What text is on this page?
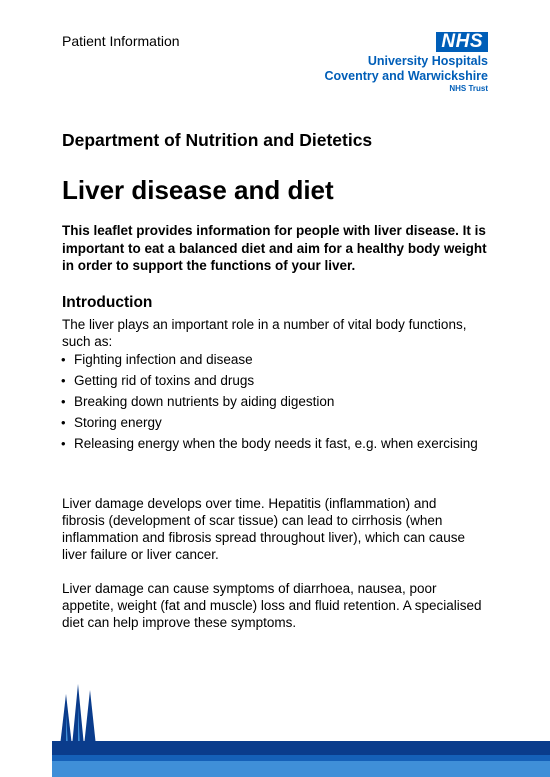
Patient Information	NHS
University Hospitals
Coventry and Warwickshire
NHS Trust
Department of Nutrition and Dietetics
Liver disease and diet
This leaflet provides information for people with liver disease. It is important to eat a balanced diet and aim for a healthy body weight in order to support the functions of your liver.
Introduction
The liver plays an important role in a number of vital body functions, such as:
• Fighting infection and disease
• Getting rid of toxins and drugs
• Breaking down nutrients by aiding digestion
• Storing energy
• Releasing energy when the body needs it fast, e.g. when exercising
Liver damage develops over time. Hepatitis (inflammation) and fibrosis (development of scar tissue) can lead to cirrhosis (when inflammation and fibrosis spread throughout liver), which can cause liver failure or liver cancer.
Liver damage can cause symptoms of diarrhoea, nausea, poor appetite, weight (fat and muscle) loss and fluid retention. A specialised diet can help improve these symptoms.
